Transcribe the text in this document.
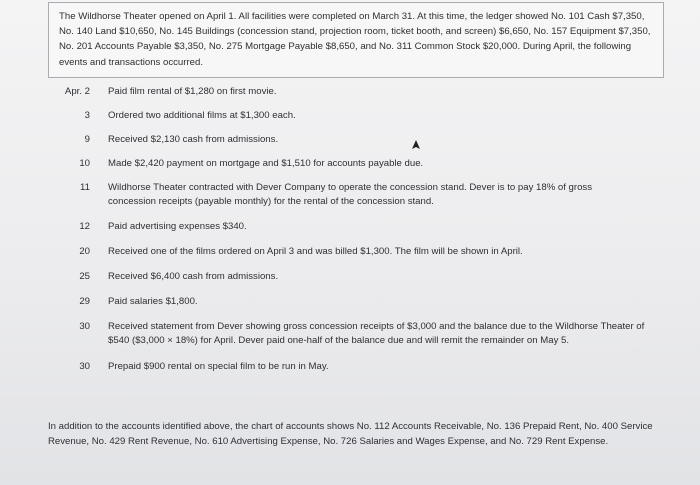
The Wildhorse Theater opened on April 1. All facilities were completed on March 31. At this time, the ledger showed No. 101 Cash $7,350, No. 140 Land $10,650, No. 145 Buildings (concession stand, projection room, ticket booth, and screen) $6,650, No. 157 Equipment $7,350, No. 201 Accounts Payable $3,350, No. 275 Mortgage Payable $8,650, and No. 311 Common Stock $20,000. During April, the following events and transactions occurred.
Apr. 2 Paid film rental of $1,280 on first movie.
3 Ordered two additional films at $1,300 each.
9 Received $2,130 cash from admissions.
10 Made $2,420 payment on mortgage and $1,510 for accounts payable due.
11 Wildhorse Theater contracted with Dever Company to operate the concession stand. Dever is to pay 18% of gross concession receipts (payable monthly) for the rental of the concession stand.
12 Paid advertising expenses $340.
20 Received one of the films ordered on April 3 and was billed $1,300. The film will be shown in April.
25 Received $6,400 cash from admissions.
29 Paid salaries $1,800.
30 Received statement from Dever showing gross concession receipts of $3,000 and the balance due to the Wildhorse Theater of $540 ($3,000 × 18%) for April. Dever paid one-half of the balance due and will remit the remainder on May 5.
30 Prepaid $900 rental on special film to be run in May.
In addition to the accounts identified above, the chart of accounts shows No. 112 Accounts Receivable, No. 136 Prepaid Rent, No. 400 Service Revenue, No. 429 Rent Revenue, No. 610 Advertising Expense, No. 726 Salaries and Wages Expense, and No. 729 Rent Expense.
